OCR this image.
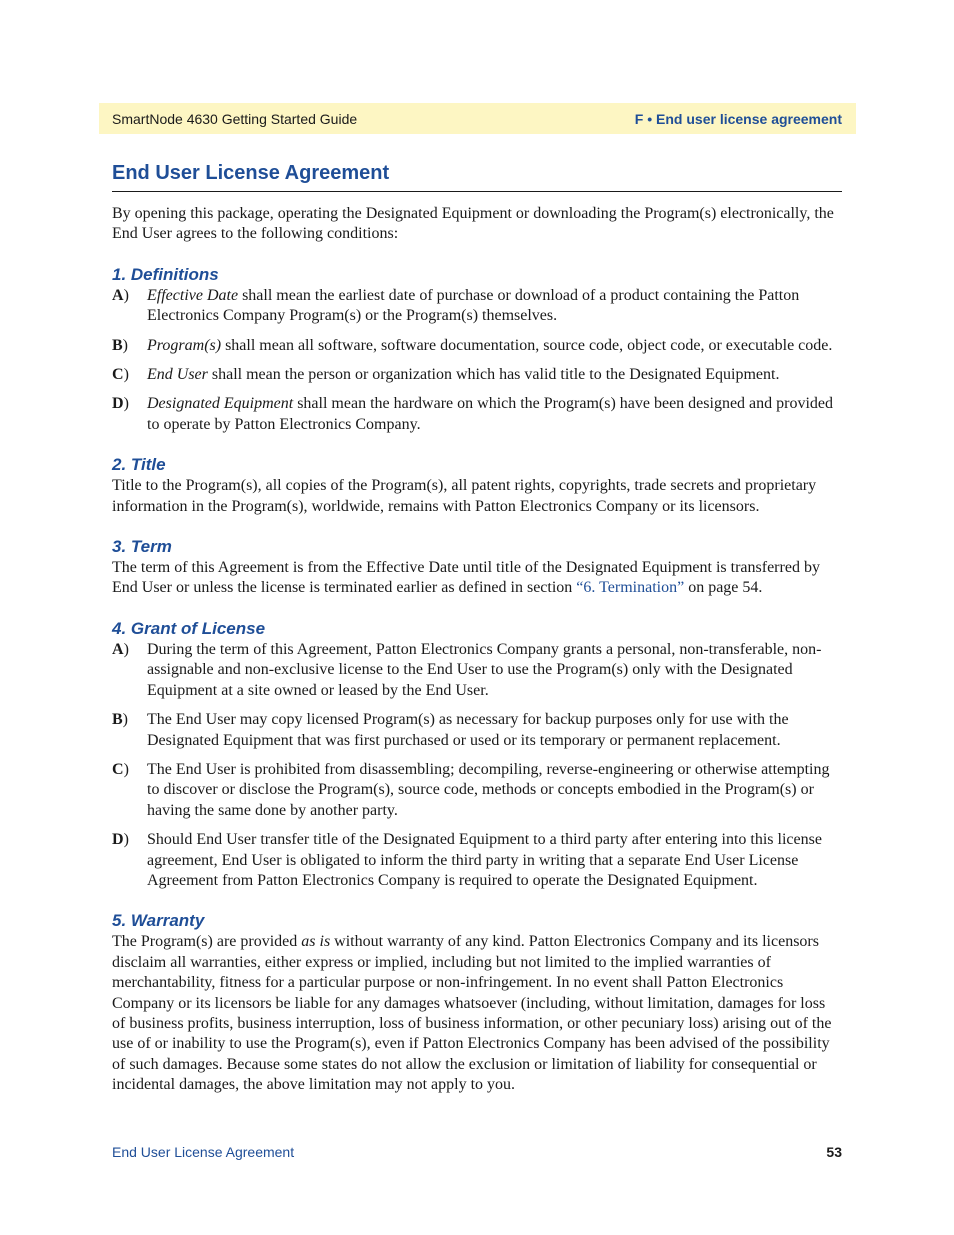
SmartNode 4630 Getting Started Guide	F • End user license agreement
End User License Agreement

By opening this package, operating the Designated Equipment or downloading the Program(s) electronically, the End User agrees to the following conditions:

1. Definitions
A)	Effective Date shall mean the earliest date of purchase or download of a product containing the Patton Electronics Company Program(s) or the Program(s) themselves.
B)	Program(s) shall mean all software, software documentation, source code, object code, or executable code.
C)	End User shall mean the person or organization which has valid title to the Designated Equipment.
D)	Designated Equipment shall mean the hardware on which the Program(s) have been designed and provided to operate by Patton Electronics Company.
2. Title

Title to the Program(s), all copies of the Program(s), all patent rights, copyrights, trade secrets and proprietary information in the Program(s), worldwide, remains with Patton Electronics Company or its licensors.

3. Term

The term of this Agreement is from the Effective Date until title of the Designated Equipment is transferred by End User or unless the license is terminated earlier as defined in section “6. Termination” on page 54.

4. Grant of License
A)	During the term of this Agreement, Patton Electronics Company grants a personal, non-transferable, non-assignable and non-exclusive license to the End User to use the Program(s) only with the Designated Equipment at a site owned or leased by the End User.
B)	The End User may copy licensed Program(s) as necessary for backup purposes only for use with the Designated Equipment that was first purchased or used or its temporary or permanent replacement.
C)	The End User is prohibited from disassembling; decompiling, reverse-engineering or otherwise attempting to discover or disclose the Program(s), source code, methods or concepts embodied in the Program(s) or having the same done by another party.
D)	Should End User transfer title of the Designated Equipment to a third party after entering into this license agreement, End User is obligated to inform the third party in writing that a separate End User License Agreement from Patton Electronics Company is required to operate the Designated Equipment.
5. Warranty

The Program(s) are provided as is without warranty of any kind. Patton Electronics Company and its licensors disclaim all warranties, either express or implied, including but not limited to the implied warranties of merchantability, fitness for a particular purpose or non-infringement. In no event shall Patton Electronics Company or its licensors be liable for any damages whatsoever (including, without limitation, damages for loss of business profits, business interruption, loss of business information, or other pecuniary loss) arising out of the use of or inability to use the Program(s), even if Patton Electronics Company has been advised of the possibility of such damages. Because some states do not allow the exclusion or limitation of liability for consequential or incidental damages, the above limitation may not apply to you.

End User License Agreement	53
